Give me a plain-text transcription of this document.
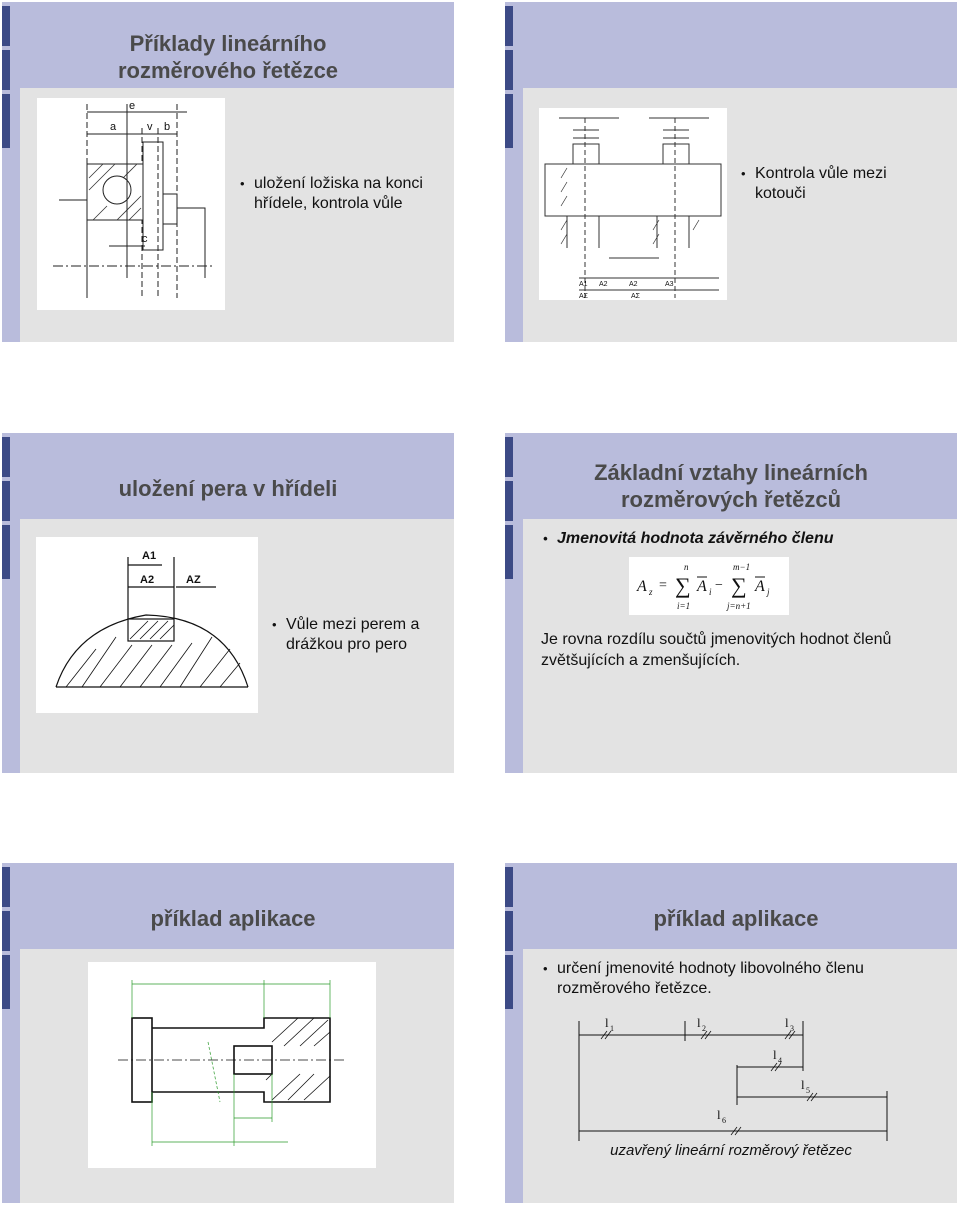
Příklady lineárního rozměrového řetězce
e
a	v b
c
• uložení ložiska na konci hřídele, kontrola vůle
A1 A2	A2	A3
AΣ	AΣ
• Kontrola vůle mezi kotouči
uložení pera v hřídeli
A1
A2	AZ
• Vůle mezi perem a drážkou pro pero
Základní vztahy lineárních rozměrových řetězců
• Jmenovitá hodnota závěrného členu
A z = ∑
n
i=1
A i − ∑
m−1
j=n+1
A j
Je rovna rozdílu součtů jmenovitých hodnot členů zvětšujících a zmenšujících.
příklad aplikace	příklad aplikace
• určení jmenovité hodnoty libovolného členu rozměrového řetězce.
l 1	l 2	l 3
l 4
l 5
l 6
uzavřený lineární rozměrový řetězec
